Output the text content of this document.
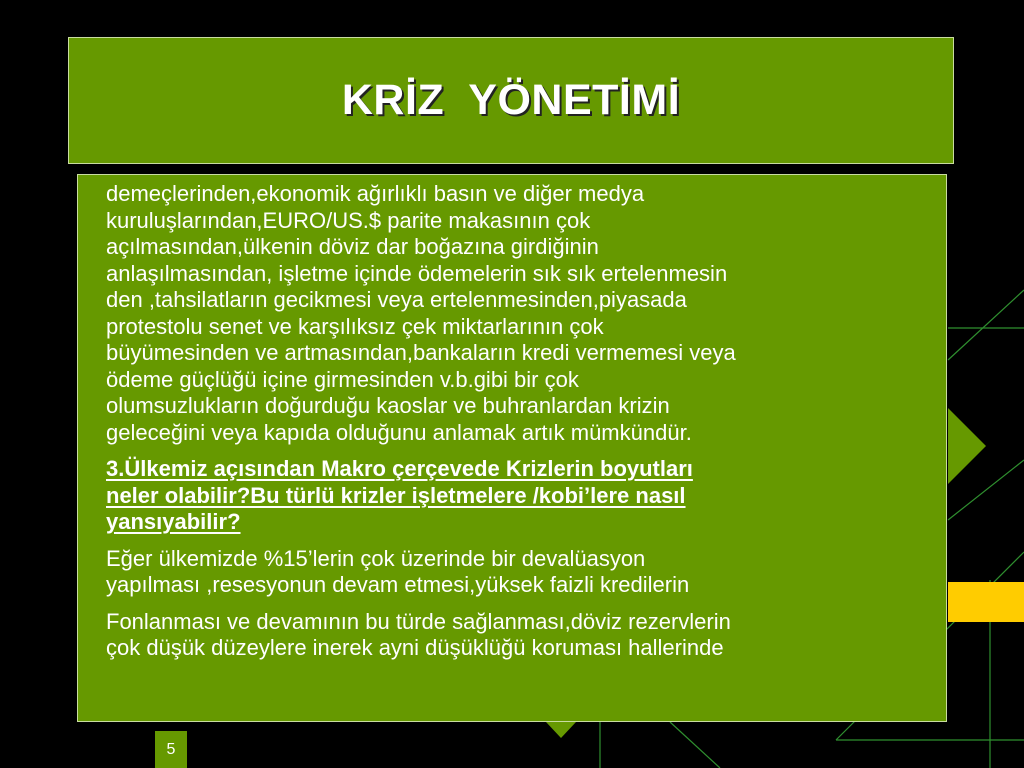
KRİZ  YÖNETİMİ

demeçlerinden,ekonomik ağırlıklı basın ve diğer medya
kuruluşlarından,EURO/US.$ parite makasının çok
açılmasından,ülkenin döviz dar boğazına girdiğinin
anlaşılmasından, işletme içinde ödemelerin sık sık ertelenmesin
den ,tahsilatların gecikmesi veya ertelenmesinden,piyasada
protestolu senet ve karşılıksız çek miktarlarının çok
büyümesinden ve artmasından,bankaların kredi vermemesi veya
ödeme güçlüğü içine girmesinden v.b.gibi bir çok
olumsuzlukların doğurduğu kaoslar ve buhranlardan krizin
geleceğini veya kapıda olduğunu anlamak artık mümkündür.

3.Ülkemiz açısından Makro çerçevede Krizlerin boyutları
neler olabilir?Bu türlü krizler işletmelere /kobi’lere nasıl
yansıyabilir?

Eğer ülkemizde %15’lerin çok üzerinde bir devalüasyon
yapılması ,resesyonun devam etmesi,yüksek faizli kredilerin

Fonlanması ve devamının bu türde sağlanması,döviz rezervlerin
çok düşük düzeylere inerek ayni düşüklüğü koruması hallerinde

5
